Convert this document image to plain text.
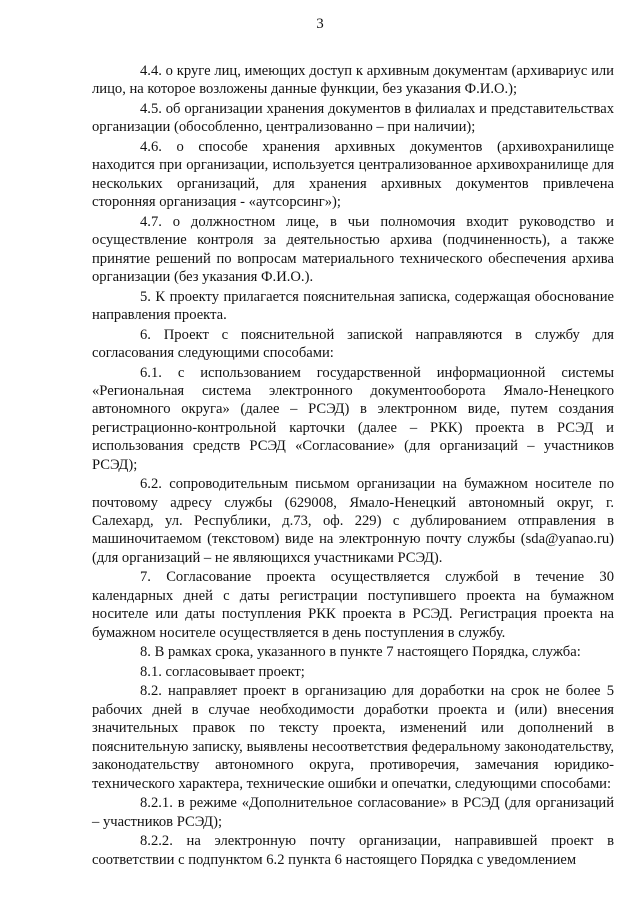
3

4.4. о круге лиц, имеющих доступ к архивным документам (архивариус или лицо, на которое возложены данные функции, без указания Ф.И.О.);

4.5. об организации хранения документов в филиалах и представительствах организации (обособленно, централизованно – при наличии);

4.6. о способе хранения архивных документов (архивохранилище находится при организации, используется централизованное архивохранилище для нескольких организаций, для хранения архивных документов привлечена сторонняя организация - «аутсорсинг»);

4.7. о должностном лице, в чьи полномочия входит руководство и осуществление контроля за деятельностью архива (подчиненность), а также принятие решений по вопросам материального технического обеспечения архива организации (без указания Ф.И.О.).

5. К проекту прилагается пояснительная записка, содержащая обоснование направления проекта.

6. Проект с пояснительной запиской направляются в службу для согласования следующими способами:

6.1. с использованием государственной информационной системы «Региональная система электронного документооборота Ямало-Ненецкого автономного округа» (далее – РСЭД) в электронном виде, путем создания регистрационно-контрольной карточки (далее – РКК) проекта в РСЭД и использования средств РСЭД «Согласование» (для организаций – участников РСЭД);

6.2. сопроводительным письмом организации на бумажном носителе по почтовому адресу службы (629008, Ямало-Ненецкий автономный округ, г. Салехард, ул. Республики, д.73, оф. 229) с дублированием отправления в машиночитаемом (текстовом) виде на электронную почту службы (sda@yanao.ru) (для организаций – не являющихся участниками РСЭД).

7. Согласование проекта осуществляется службой в течение 30 календарных дней с даты регистрации поступившего проекта на бумажном носителе или даты поступления РКК проекта в РСЭД. Регистрация проекта на бумажном носителе осуществляется в день поступления в службу.

8. В рамках срока, указанного в пункте 7 настоящего Порядка, служба:

8.1. согласовывает проект;

8.2. направляет проект в организацию для доработки на срок не более 5 рабочих дней в случае необходимости доработки проекта и (или) внесения значительных правок по тексту проекта, изменений или дополнений в пояснительную записку, выявлены несоответствия федеральному законодательству, законодательству автономного округа, противоречия, замечания юридико-технического характера, технические ошибки и опечатки, следующими способами:

8.2.1. в режиме «Дополнительное согласование» в РСЭД (для организаций – участников РСЭД);

8.2.2. на электронную почту организации, направившей проект в соответствии с подпунктом 6.2 пункта 6 настоящего Порядка с уведомлением
